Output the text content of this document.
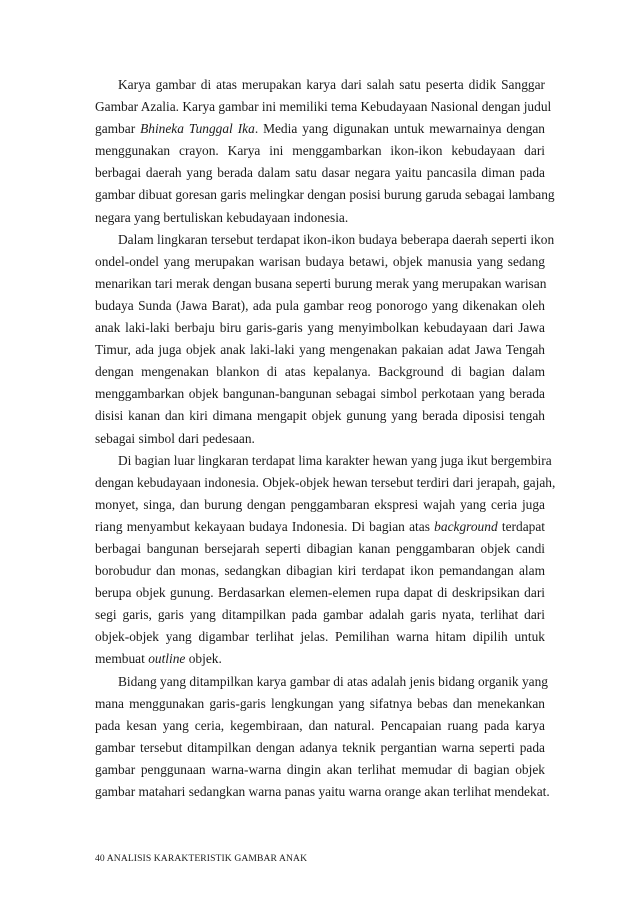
Karya gambar di atas merupakan karya dari salah satu peserta didik Sanggar
Gambar Azalia. Karya gambar ini memiliki tema Kebudayaan Nasional dengan judul
gambar Bhineka Tunggal Ika. Media yang digunakan untuk mewarnainya dengan
menggunakan crayon. Karya ini menggambarkan ikon-ikon kebudayaan dari
berbagai daerah yang berada dalam satu dasar negara yaitu pancasila diman pada
gambar dibuat goresan garis melingkar dengan posisi burung garuda sebagai lambang
negara yang bertuliskan kebudayaan indonesia.

Dalam lingkaran tersebut terdapat ikon-ikon budaya beberapa daerah seperti ikon
ondel-ondel yang merupakan warisan budaya betawi, objek manusia yang sedang
menarikan tari merak dengan busana seperti burung merak yang merupakan warisan
budaya Sunda (Jawa Barat), ada pula gambar reog ponorogo yang dikenakan oleh
anak laki-laki berbaju biru garis-garis yang menyimbolkan kebudayaan dari Jawa
Timur, ada juga objek anak laki-laki yang mengenakan pakaian adat Jawa Tengah
dengan mengenakan blankon di atas kepalanya. Background di bagian dalam
menggambarkan objek bangunan-bangunan sebagai simbol perkotaan yang berada
disisi kanan dan kiri dimana mengapit objek gunung yang berada diposisi tengah
sebagai simbol dari pedesaan.

Di bagian luar lingkaran terdapat lima karakter hewan yang juga ikut bergembira
dengan kebudayaan indonesia. Objek-objek hewan tersebut terdiri dari jerapah, gajah,
monyet, singa, dan burung dengan penggambaran ekspresi wajah yang ceria juga
riang menyambut kekayaan budaya Indonesia. Di bagian atas background terdapat
berbagai bangunan bersejarah seperti dibagian kanan penggambaran objek candi
borobudur dan monas, sedangkan dibagian kiri terdapat ikon pemandangan alam
berupa objek gunung. Berdasarkan elemen-elemen rupa dapat di deskripsikan dari
segi garis, garis yang ditampilkan pada gambar adalah garis nyata, terlihat dari
objek-objek yang digambar terlihat jelas. Pemilihan warna hitam dipilih untuk
membuat outline objek.

Bidang yang ditampilkan karya gambar di atas adalah jenis bidang organik yang
mana menggunakan garis-garis lengkungan yang sifatnya bebas dan menekankan
pada kesan yang ceria, kegembiraan, dan natural. Pencapaian ruang pada karya
gambar tersebut ditampilkan dengan adanya teknik pergantian warna seperti pada
gambar penggunaan warna-warna dingin akan terlihat memudar di bagian objek
gambar matahari sedangkan warna panas yaitu warna orange akan terlihat mendekat.

40 ANALISIS KARAKTERISTIK GAMBAR ANAK
